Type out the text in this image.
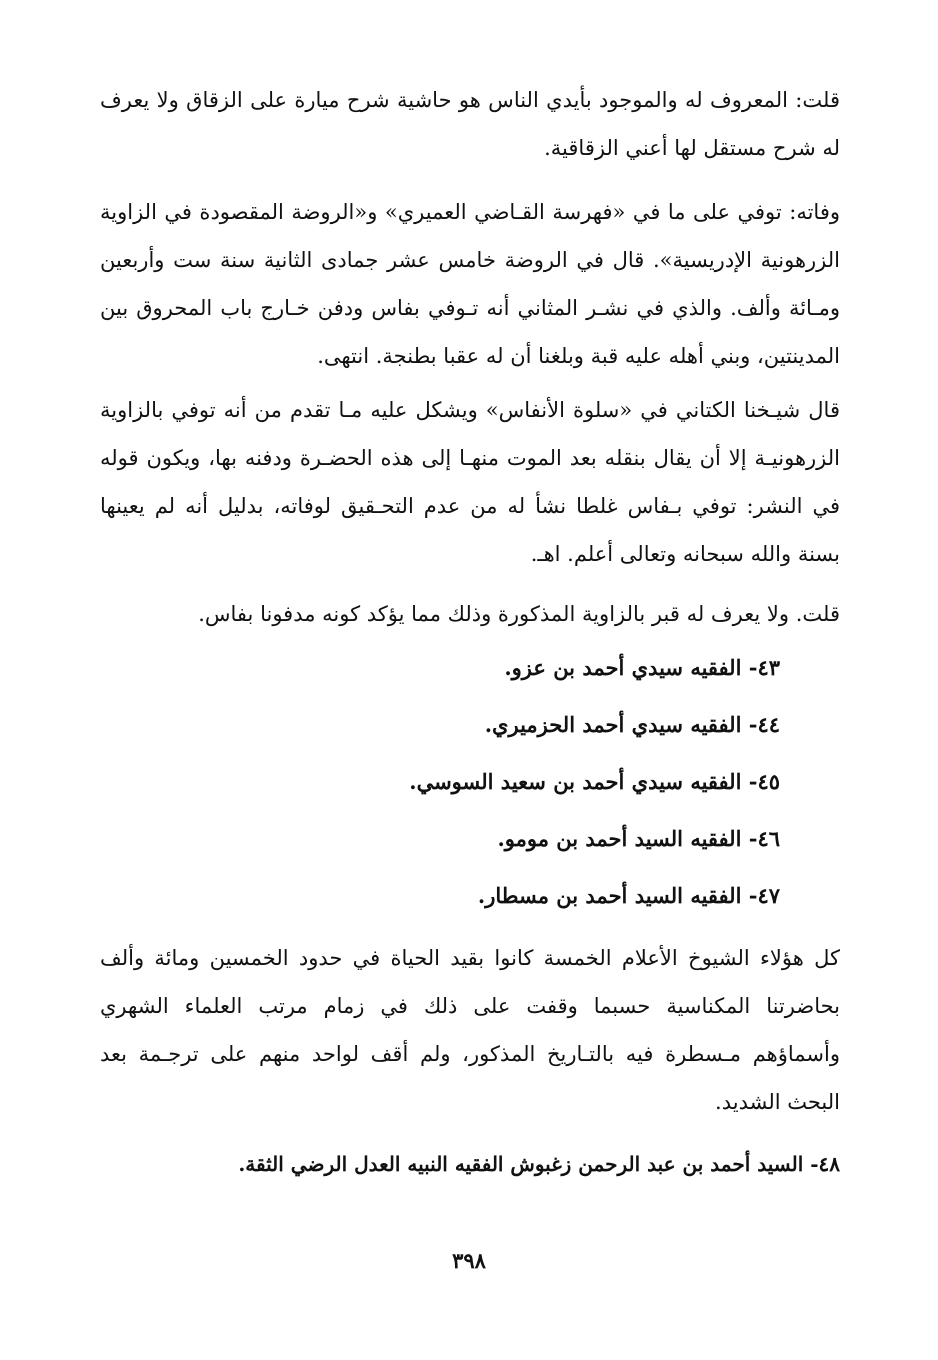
قلت: المعروف له والموجود بأيدي الناس هو حاشية شرح ميارة على الزقاق ولا يعرف له شرح مستقل لها أعني الزقاقية.

وفاته: توفي على ما في «فهرسة القـاضي العميري» و«الروضة المقصودة في الزاوية الزرهونية الإدريسية». قال في الروضة خامس عشر جمادى الثانية سنة ست وأربعين ومـائة وألف. والذي في نشـر المثاني أنه تـوفي بفاس ودفن خـارج باب المحروق بين المدينتين، وبني أهله عليه قبة وبلغنا أن له عقبا بطنجة. انتهى.

قال شيـخنا الكتاني في «سلوة الأنفاس» ويشكل عليه مـا تقدم من أنه توفي بالزاوية الزرهونيـة إلا أن يقال بنقله بعد الموت منهـا إلى هذه الحضـرة ودفنه بها، ويكون قوله في النشر: توفي بـفاس غلطا نشأ له من عدم التحـقيق لوفاته، بدليل أنه لم يعينها بسنة والله سبحانه وتعالى أعلم. اهـ.

قلت. ولا يعرف له قبر بالزاوية المذكورة وذلك مما يؤكد كونه مدفونا بفاس.

٤٣- الفقيه سيدي أحمد بن عزو.

٤٤- الفقيه سيدي أحمد الحزميري.

٤٥- الفقيه سيدي أحمد بن سعيد السوسي.

٤٦- الفقيه السيد أحمد بن مومو.

٤٧- الفقيه السيد أحمد بن مسطار.

كل هؤلاء الشيوخ الأعلام الخمسة كانوا بقيد الحياة في حدود الخمسين ومائة وألف بحاضرتنا المكناسية حسبما وقفت على ذلك في زمام مرتب العلماء الشهري وأسماؤهم مـسطرة فيه بالتـاريخ المذكور، ولم أقف لواحد منهم على ترجـمة بعد البحث الشديد.

٤٨- السيد أحمد بن عبد الرحمن زغبوش الفقيه النبيه العدل الرضي الثقة.

٣٩٨
